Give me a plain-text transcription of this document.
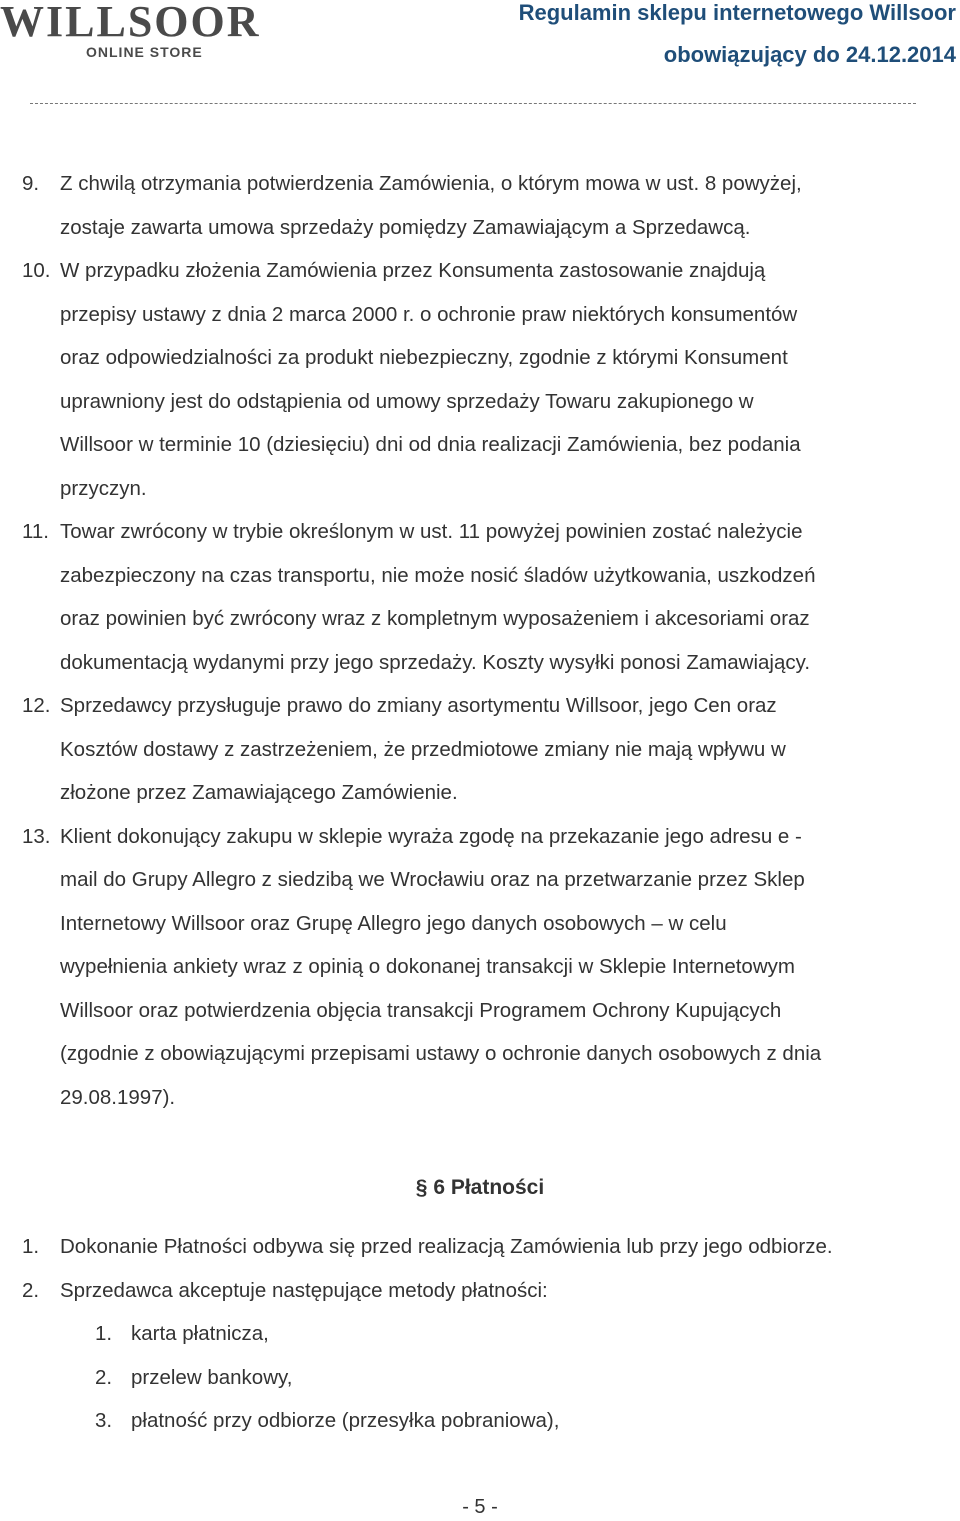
WILLSOOR
ONLINE STORE
Regulamin sklepu internetowego Willsoor
obowiązujący do 24.12.2014
9. Z chwilą otrzymania potwierdzenia Zamówienia, o którym mowa w ust. 8 powyżej,
zostaje zawarta umowa sprzedaży pomiędzy Zamawiającym a Sprzedawcą.
10. W przypadku złożenia Zamówienia przez Konsumenta zastosowanie znajdują
przepisy ustawy z dnia 2 marca 2000 r. o ochronie praw niektórych konsumentów
oraz odpowiedzialności za produkt niebezpieczny, zgodnie z którymi Konsument
uprawniony jest do odstąpienia od umowy sprzedaży Towaru zakupionego w
Willsoor w terminie 10 (dziesięciu) dni od dnia realizacji Zamówienia, bez podania
przyczyn.
11. Towar zwrócony w trybie określonym w ust. 11 powyżej powinien zostać należycie
zabezpieczony na czas transportu, nie może nosić śladów użytkowania, uszkodzeń
oraz powinien być zwrócony wraz z kompletnym wyposażeniem i akcesoriami oraz
dokumentacją wydanymi przy jego sprzedaży. Koszty wysyłki ponosi Zamawiający.
12. Sprzedawcy przysługuje prawo do zmiany asortymentu Willsoor, jego Cen oraz
Kosztów dostawy z zastrzeżeniem, że przedmiotowe zmiany nie mają wpływu w
złożone przez Zamawiającego Zamówienie.
13. Klient dokonujący zakupu w sklepie wyraża zgodę na przekazanie jego adresu e -
mail do Grupy Allegro z siedzibą we Wrocławiu oraz na przetwarzanie przez Sklep
Internetowy Willsoor oraz Grupę Allegro jego danych osobowych – w celu
wypełnienia ankiety wraz z opinią o dokonanej transakcji w Sklepie Internetowym
Willsoor oraz potwierdzenia objęcia transakcji Programem Ochrony Kupujących
(zgodnie z obowiązującymi przepisami ustawy o ochronie danych osobowych z dnia
29.08.1997).
§ 6 Płatności
1. Dokonanie Płatności odbywa się przed realizacją Zamówienia lub przy jego odbiorze.
2. Sprzedawca akceptuje następujące metody płatności:
1. karta płatnicza,
2. przelew bankowy,
3. płatność przy odbiorze (przesyłka pobraniowa),
- 5 -
